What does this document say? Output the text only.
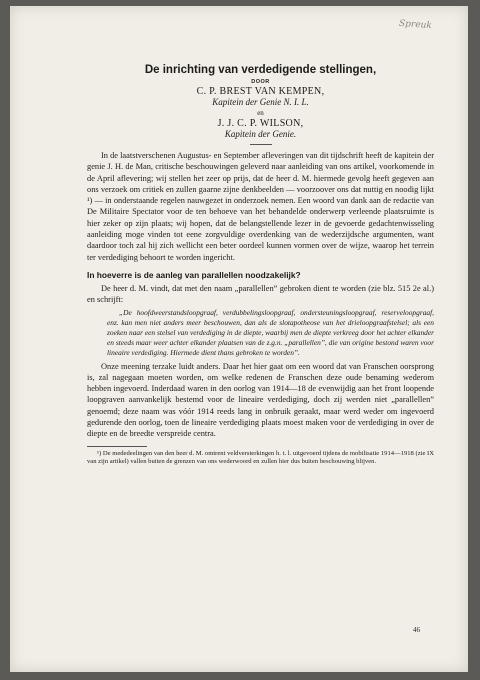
Spreuk
De inrichting van verdedigende stellingen,
DOOR
C. P. BREST VAN KEMPEN,
Kapitein der Genie N. I. L.
en
J. J. C. P. WILSON,
Kapitein der Genie.

In de laatstverschenen Augustus- en September afleveringen van dit tijdschrift heeft de kapitein der genie J. H. de Man, critische beschouwingen geleverd naar aanleiding van ons artikel, voorkomende in de April aflevering; wij stellen het zeer op prijs, dat de heer d. M. hiermede gevolg heeft gegeven aan ons verzoek om critiek en zullen gaarne zijne denkbeelden — voorzoover ons dat nuttig en noodig lijkt ¹) — in onderstaande regelen nauwgezet in onderzoek nemen. Een woord van dank aan de redactie van De Militaire Spectator voor de ten behoeve van het behandelde onderwerp verleende plaatsruimte is hier zeker op zijn plaats; wij hopen, dat de belangstellende lezer in de gevoerde gedachtenwisseling aanleiding moge vinden tot eene zorgvuldige overdenking van de wederzijdsche argumenten, want daardoor toch zal hij zich wellicht een beter oordeel kunnen vormen over de wijze, waarop het terrein ter verdediging behoort te worden ingericht.

In hoeverre is de aanleg van parallellen noodzakelijk?

De heer d. M. vindt, dat met den naam „parallellen” gebroken dient te worden (zie blz. 515 2e al.) en schrijft:

„De hoofdweerstandsloopgraaf, verdubbelingsloopgraaf, ondersteuningsloopgraaf, reserveloopgraaf, enz. kan men niet anders meer beschouwen, dan als de slotapotheose van het drieloopgraafstelsel; als een zoeken naar een stelsel van verdediging in de diepte, waarbij men de diepte verkreeg door het achter elkander en steeds maar weer achter elkander plaatsen van de z.g.n. „parallellen”, die van origine bestond waren voor lineaire verdediging. Hiermede dient thans gebroken te worden”.

Onze meening terzake luidt anders. Daar het hier gaat om een woord dat van Franschen oorsprong is, zal nagegaan moeten worden, om welke redenen de Franschen deze oude benaming wederom hebben ingevoerd. Inderdaad waren in den oorlog van 1914—18 de evenwijdig aan het front loopende loopgraven aanvankelijk bestemd voor de lineaire verdediging, doch zij werden niet „parallellen” genoemd; deze naam was vóór 1914 reeds lang in onbruik geraakt, maar werd weder om ingevoerd gedurende den oorlog, toen de lineaire verdediging plaats moest maken voor de verdediging in over de diepte en de breedte verspreide centra.

¹) De mededeelingen van den heer d. M. omtrent veldversterkingen h. t. l. uitgevoerd tijdens de mobilisatie 1914—1918 (zie IX van zijn artikel) vallen buiten de grenzen van ons wederwoord en zullen hier dus buiten beschouwing blijven.

46
